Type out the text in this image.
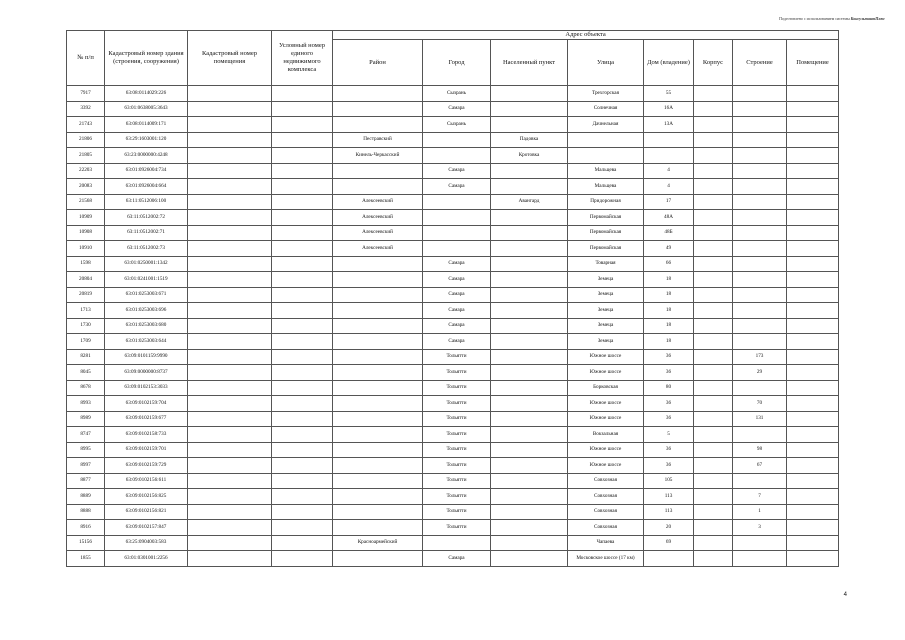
Подготовлено с использованием системы КонсультантПлюс
№ п/п	Кадастровый номер здания (строения, сооружения)	Кадастровый номер помещения	Условный номер единого недвижимого комплекса	Адрес объекта							
				Район	Город	Населенный пункт	Улица	Дом (владение)	Корпус	Строение	Помещение
7917	63:08:0114029:226				Сызрань		Трехгорская	55			
3392	63:01:0638005:3643				Самара		Солнечная	16А			
21743	63:08:0114009:171				Сызрань		Дачнельная	13А			
21806	63:29:1603001:120			Пестравский		Падовка					
21805	63:23:0000000:4248			Кинель-Черкасский		Кротовка					
22203	63:01:0926004:734				Самара		Мальцева	4			
20083	63:01:0926004:664				Самара		Мальцева	4			
21568	63:11:0512006:100			Алексеевский		Авангард	Придорожная	17			
10909	63:11:0512002:72			Алексеевский			Первомайская	48А			
10908	63:11:0512002:71			Алексеевский			Первомайская	48Б			
10910	63:11:0512002:73			Алексеевский			Первомайская	49			
1598	63:01:0250001:1342				Самара		Товарная	66			
20804	63:01:0241001:1519				Самара		Земеца	18			
20819	63:01:0253003:671				Самара		Земеца	18			
1713	63:01:0253003:696				Самара		Земеца	18			
1730	63:01:0253003:680				Самара		Земеца	18			
1709	63:01:0253003:644				Самара		Земеца	18			
8281	63:09:0101159:9990				Тольятти		Южное шоссе	36		173	
8045	63:09:0000000:8737				Тольятти		Южное шоссе	36		29	
8678	63:09:0102153:3033				Тольятти		Борковская	80			
8993	63:09:0102159:704				Тольятти		Южное шоссе	36		70	
8989	63:09:0102159:677				Тольятти		Южное шоссе	36		131	
8747	63:09:0102158:733				Тольятти		Вокзальная	5			
8995	63:09:0102159:701				Тольятти		Южное шоссе	36		98	
8997	63:09:0102159:729				Тольятти		Южное шоссе	36		67	
8877	63:09:0102156:611				Тольятти		Совхозная	105			
8889	63:09:0102156:825				Тольятти		Совхозная	113		7	
8888	63:09:0102156:821				Тольятти		Совхозная	113		1	
8916	63:09:0102157:847				Тольятти		Совхозная	20		3	
15156	63:25:0904003:583			Красноармейский			Чапаева	69			
1855	63:01:0301001:2256				Самара		Московское шоссе (17 км)				
4
